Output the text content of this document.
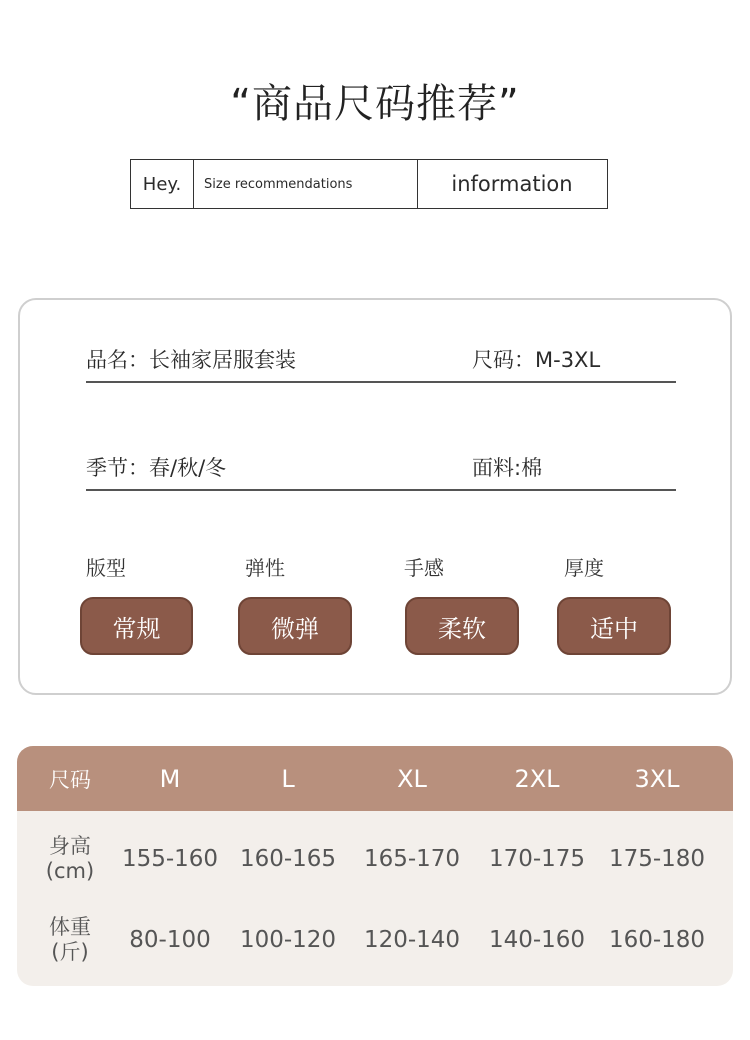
“商品尺码推荐”
Hey.	Size recommendations	information
品名：长袖家居服套装	尺码：M-3XL
季节：春/秋/冬	面料:棉
版型	弹性	手感	厚度
常规	微弹	柔软	适中
尺码	M	L	XL	2XL	3XL
身高
(cm)	155-160 160-165	165-170	170-175	175-180
体重
(斤)	80-100	100-120	120-140	140-160	160-180
